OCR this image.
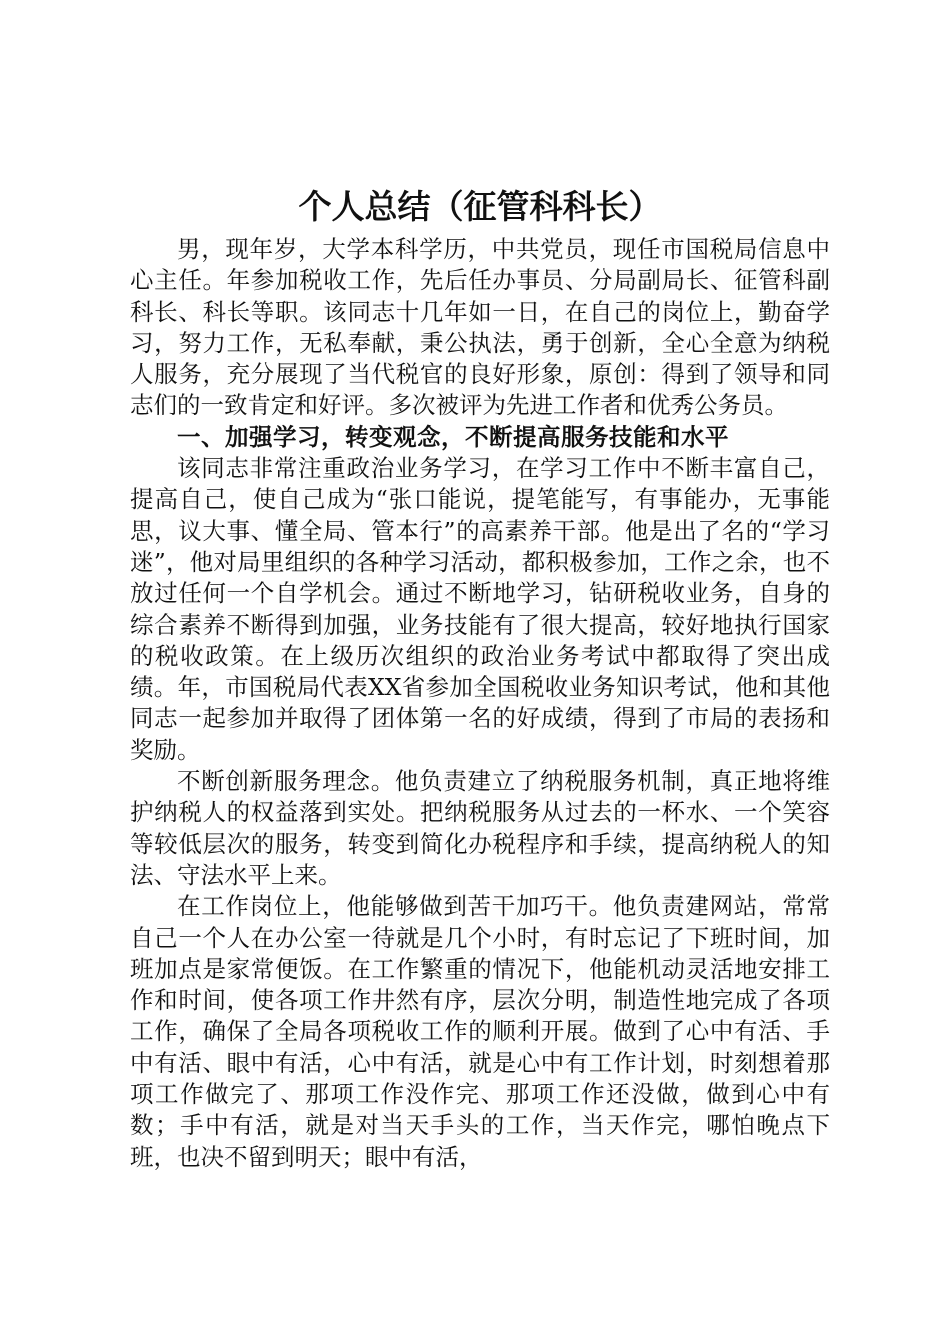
个人总结（征管科科长）

男，现年岁，大学本科学历，中共党员，现任市国税局信息中心主任。年参加税收工作，先后任办事员、分局副局长、征管科副科长、科长等职。该同志十几年如一日，在自己的岗位上，勤奋学习，努力工作，无私奉献，秉公执法，勇于创新，全心全意为纳税人服务，充分展现了当代税官的良好形象，原创：得到了领导和同志们的一致肯定和好评。多次被评为先进工作者和优秀公务员。

一、加强学习，转变观念，不断提高服务技能和水平

该同志非常注重政治业务学习，在学习工作中不断丰富自己，提高自己，使自己成为“张口能说，提笔能写，有事能办，无事能思，议大事、懂全局、管本行”的高素养干部。他是出了名的“学习迷”，他对局里组织的各种学习活动，都积极参加，工作之余，也不放过任何一个自学机会。通过不断地学习，钻研税收业务，自身的综合素养不断得到加强，业务技能有了很大提高，较好地执行国家的税收政策。在上级历次组织的政治业务考试中都取得了突出成绩。年，市国税局代表XX省参加全国税收业务知识考试，他和其他同志一起参加并取得了团体第一名的好成绩，得到了市局的表扬和奖励。

不断创新服务理念。他负责建立了纳税服务机制，真正地将维护纳税人的权益落到实处。把纳税服务从过去的一杯水、一个笑容等较低层次的服务，转变到简化办税程序和手续，提高纳税人的知法、守法水平上来。

在工作岗位上，他能够做到苦干加巧干。他负责建网站，常常自己一个人在办公室一待就是几个小时，有时忘记了下班时间，加班加点是家常便饭。在工作繁重的情况下，他能机动灵活地安排工作和时间，使各项工作井然有序，层次分明，制造性地完成了各项工作，确保了全局各项税收工作的顺利开展。做到了心中有活、手中有活、眼中有活，心中有活，就是心中有工作计划，时刻想着那项工作做完了、那项工作没作完、那项工作还没做，做到心中有数；手中有活，就是对当天手头的工作，当天作完，哪怕晚点下班，也决不留到明天；眼中有活，
